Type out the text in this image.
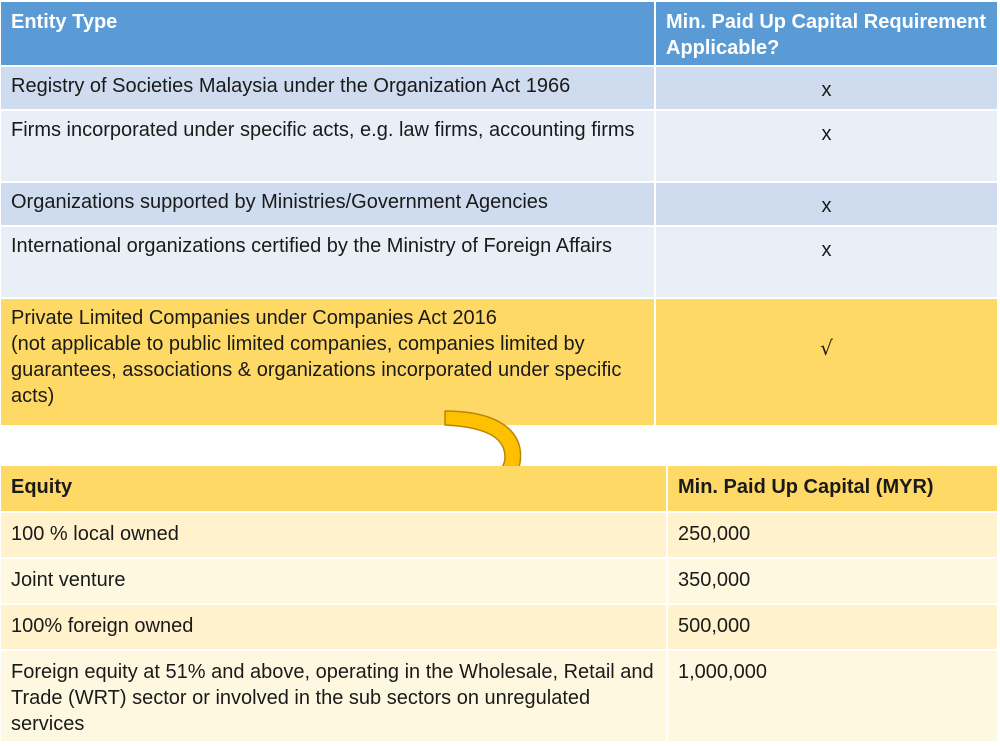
Entity Type	Min. Paid Up Capital Requirement Applicable?
Registry of Societies Malaysia under the Organization Act 1966	x
Firms incorporated under specific acts, e.g. law firms, accounting firms	x
Organizations supported by Ministries/Government Agencies	x
International organizations certified by the Ministry of Foreign Affairs	x

Private Limited Companies under Companies Act 2016
(not applicable to public limited companies, companies limited by guarantees, associations & organizations incorporated under specific acts)	√
Equity	Min. Paid Up Capital (MYR)
100 % local owned	250,000
Joint venture	350,000
100% foreign owned	500,000
Foreign equity at 51% and above, operating in the Wholesale, Retail and Trade (WRT) sector or involved in the sub sectors on unregulated services	1,000,000
